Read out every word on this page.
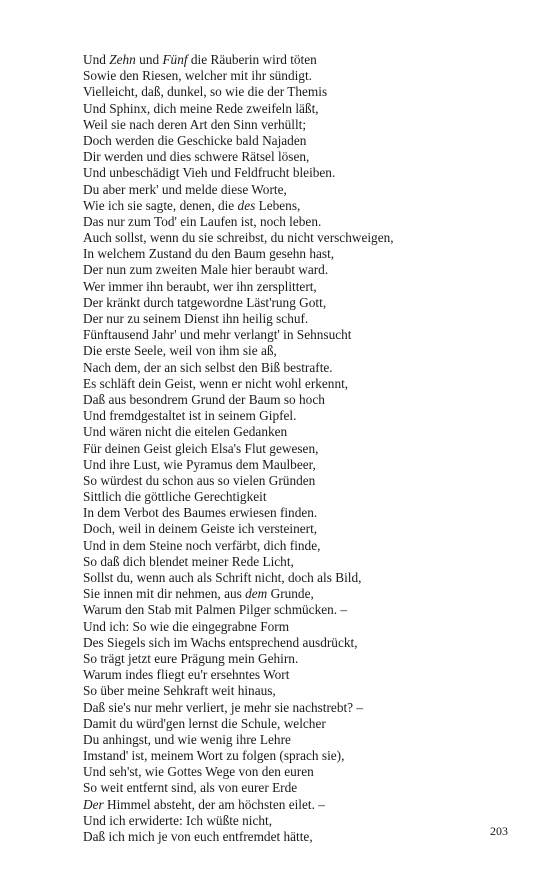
Und Zehn und Fünf die Räuberin wird töten
Sowie den Riesen, welcher mit ihr sündigt.
Vielleicht, daß, dunkel, so wie die der Themis
Und Sphinx, dich meine Rede zweifeln läßt,
Weil sie nach deren Art den Sinn verhüllt;
Doch werden die Geschicke bald Najaden
Dir werden und dies schwere Rätsel lösen,
Und unbeschädigt Vieh und Feldfrucht bleiben.
Du aber merk' und melde diese Worte,
Wie ich sie sagte, denen, die des Lebens,
Das nur zum Tod' ein Laufen ist, noch leben.
Auch sollst, wenn du sie schreibst, du nicht verschweigen,
In welchem Zustand du den Baum gesehn hast,
Der nun zum zweiten Male hier beraubt ward.
Wer immer ihn beraubt, wer ihn zersplittert,
Der kränkt durch tatgewordne Läst'rung Gott,
Der nur zu seinem Dienst ihn heilig schuf.
Fünftausend Jahr' und mehr verlangt' in Sehnsucht
Die erste Seele, weil von ihm sie aß,
Nach dem, der an sich selbst den Biß bestrafte.
Es schläft dein Geist, wenn er nicht wohl erkennt,
Daß aus besondrem Grund der Baum so hoch
Und fremdgestaltet ist in seinem Gipfel.
Und wären nicht die eitelen Gedanken
Für deinen Geist gleich Elsa's Flut gewesen,
Und ihre Lust, wie Pyramus dem Maulbeer,
So würdest du schon aus so vielen Gründen
Sittlich die göttliche Gerechtigkeit
In dem Verbot des Baumes erwiesen finden.
Doch, weil in deinem Geiste ich versteinert,
Und in dem Steine noch verfärbt, dich finde,
So daß dich blendet meiner Rede Licht,
Sollst du, wenn auch als Schrift nicht, doch als Bild,
Sie innen mit dir nehmen, aus dem Grunde,
Warum den Stab mit Palmen Pilger schmücken. –
Und ich: So wie die eingegrabne Form
Des Siegels sich im Wachs entsprechend ausdrückt,
So trägt jetzt eure Prägung mein Gehirn.
Warum indes fliegt eu'r ersehntes Wort
So über meine Sehkraft weit hinaus,
Daß sie's nur mehr verliert, je mehr sie nachstrebt? –
Damit du würd'gen lernst die Schule, welcher
Du anhingst, und wie wenig ihre Lehre
Imstand' ist, meinem Wort zu folgen (sprach sie),
Und seh'st, wie Gottes Wege von den euren
So weit entfernt sind, als von eurer Erde
Der Himmel absteht, der am höchsten eilet. –
Und ich erwiderte: Ich wüßte nicht,
Daß ich mich je von euch entfremdet hätte,	203
